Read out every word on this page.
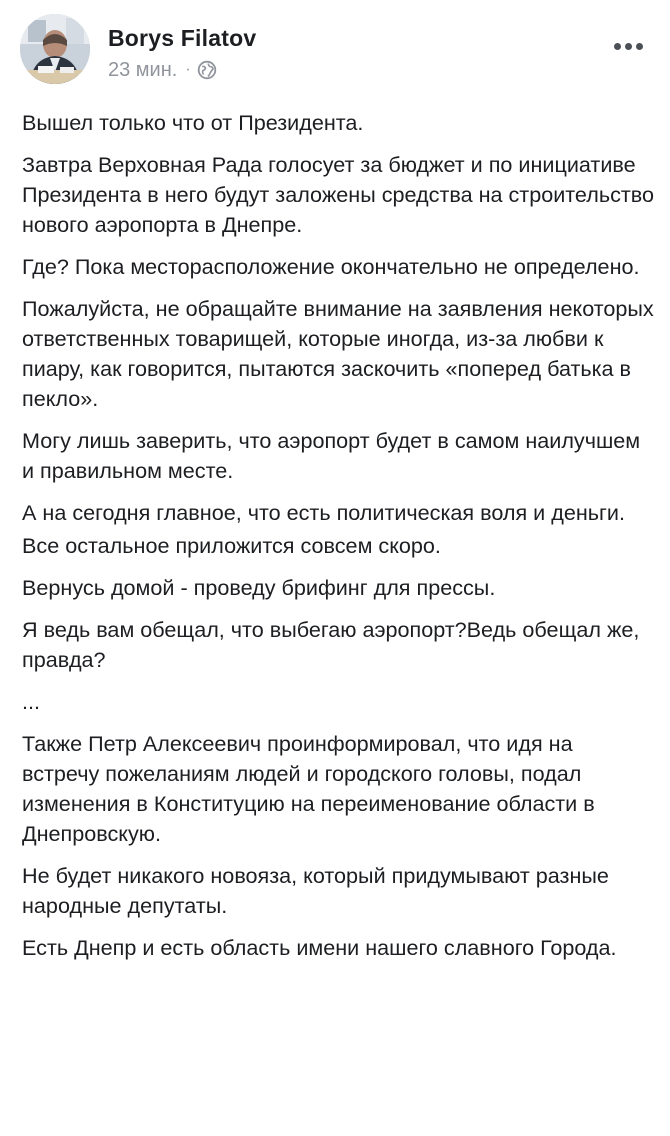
Borys Filatov
23 мин. ·

Вышел только что от Президента.

Завтра Верховная Рада голосует за бюджет и по инициативе Президента в него будут заложены средства на строительство нового аэропорта в Днепре.

Где? Пока месторасположение окончательно не определено.

Пожалуйста, не обращайте внимание на заявления некоторых ответственных товарищей, которые иногда, из-за любви к пиару, как говорится, пытаются заскочить «поперед батька в пекло».

Могу лишь заверить, что аэропорт будет в самом наилучшем и правильном месте.

А на сегодня главное, что есть политическая воля и деньги.

Все остальное приложится совсем скоро.

Вернусь домой - проведу брифинг для прессы.

Я ведь вам обещал, что выбегаю аэропорт?Ведь обещал же, правда?

...

Также Петр Алексеевич проинформировал, что идя на встречу пожеланиям людей и городского головы, подал изменения в Конституцию на переименование области в Днепровскую.

Не будет никакого новояза, который придумывают разные народные депутаты.

Есть Днепр и есть область имени нашего славного Города.
